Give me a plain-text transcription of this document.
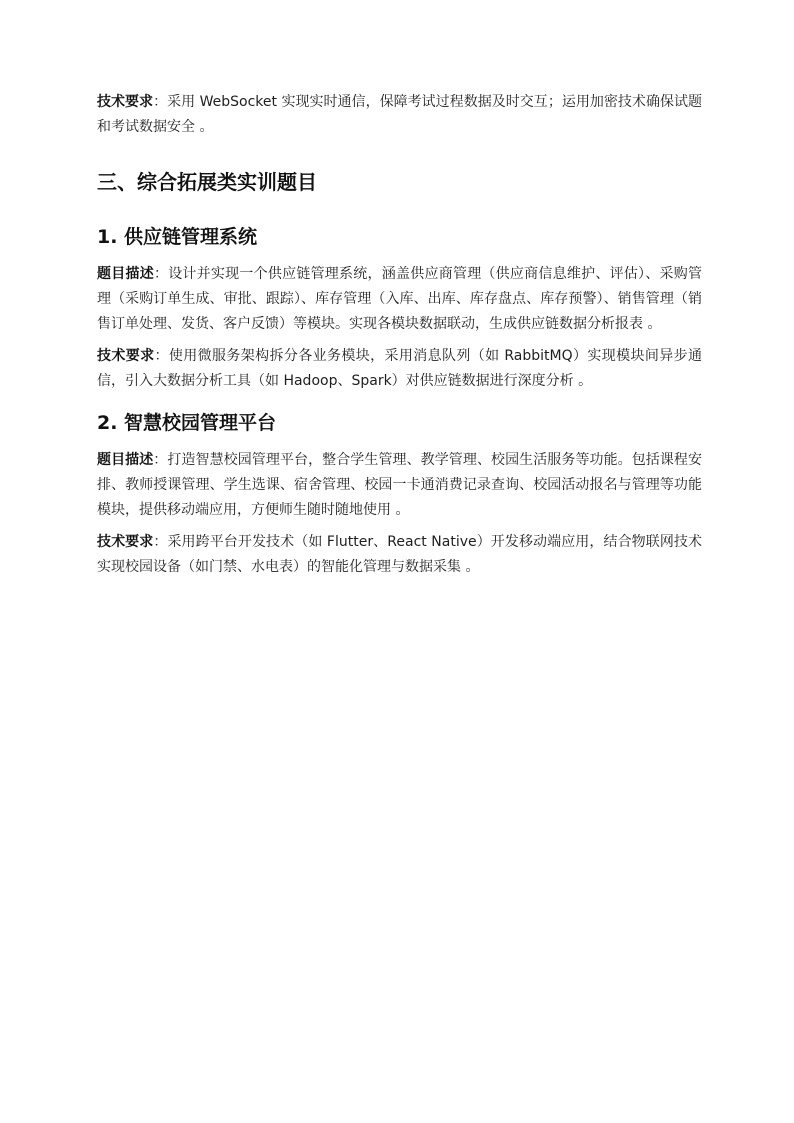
技术要求：采用 WebSocket 实现实时通信，保障考试过程数据及时交互；运用加密技术确保试题和考试数据安全 。

三、综合拓展类实训题目
1. 供应链管理系统

题目描述：设计并实现一个供应链管理系统，涵盖供应商管理（供应商信息维护、评估）、采购管理（采购订单生成、审批、跟踪）、库存管理（入库、出库、库存盘点、库存预警）、销售管理（销售订单处理、发货、客户反馈）等模块。实现各模块数据联动，生成供应链数据分析报表 。

技术要求：使用微服务架构拆分各业务模块，采用消息队列（如 RabbitMQ）实现模块间异步通信，引入大数据分析工具（如 Hadoop、Spark）对供应链数据进行深度分析 。

2. 智慧校园管理平台

题目描述：打造智慧校园管理平台，整合学生管理、教学管理、校园生活服务等功能。包括课程安排、教师授课管理、学生选课、宿舍管理、校园一卡通消费记录查询、校园活动报名与管理等功能模块，提供移动端应用，方便师生随时随地使用 。

技术要求：采用跨平台开发技术（如 Flutter、React Native）开发移动端应用，结合物联网技术实现校园设备（如门禁、水电表）的智能化管理与数据采集 。
